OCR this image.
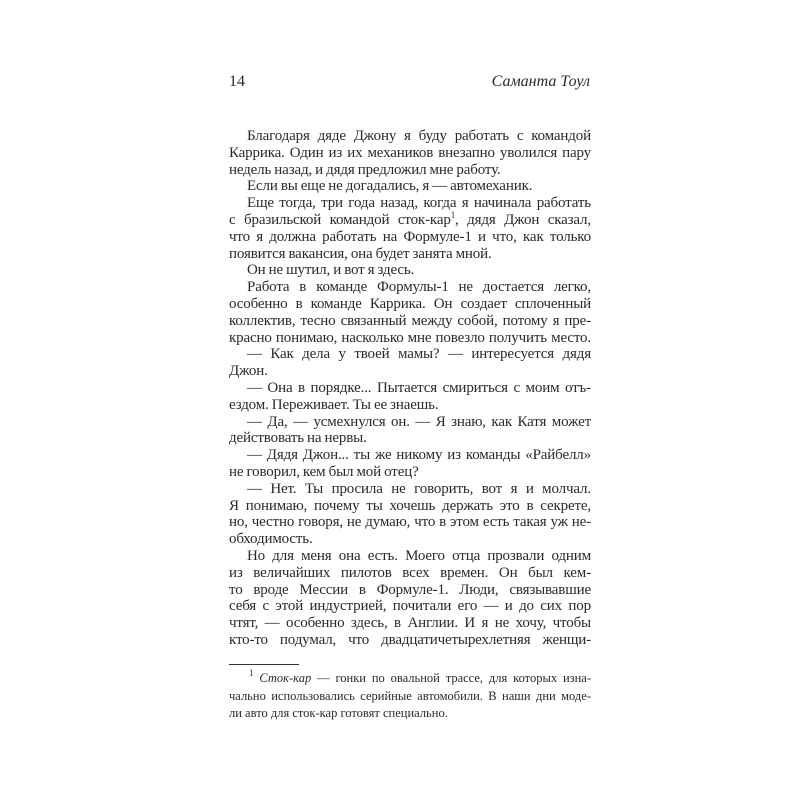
14	Саманта Тоул
Благодаря дяде Джону я буду работать с командой
Каррика. Один из их механиков внезапно уволился пару
недель назад, и дядя предложил мне работу.
Если вы еще не догадались, я — автомеханик.
Еще тогда, три года назад, когда я начинала работать
с бразильской командой сток-кар$^1$, дядя Джон сказал,
что я должна работать на Формуле-1 и что, как только
появится вакансия, она будет занята мной.
Он не шутил, и вот я здесь.
Работа в команде Формулы-1 не достается легко,
особенно в команде Каррика. Он создает сплоченный
коллектив, тесно связанный между собой, потому я пре-
красно понимаю, насколько мне повезло получить место.
— Как дела у твоей мамы? — интересуется дядя
Джон.
— Она в порядке... Пытается смириться с моим отъ-
ездом. Переживает. Ты ее знаешь.
— Да, — усмехнулся он. — Я знаю, как Катя может
действовать на нервы.
— Дядя Джон... ты же никому из команды «Райбелл»
не говорил, кем был мой отец?
— Нет. Ты просила не говорить, вот я и молчал.
Я понимаю, почему ты хочешь держать это в секрете,
но, честно говоря, не думаю, что в этом есть такая уж не-
обходимость.
Но для меня она есть. Моего отца прозвали одним
из величайших пилотов всех времен. Он был кем-
то вроде Мессии в Формуле-1. Люди, связывавшие
себя с этой индустрией, почитали его — и до сих пор
чтят, — особенно здесь, в Англии. И я не хочу, чтобы
кто-то подумал, что двадцатичетырехлетняя женщи-
$^1$ Сток-кар — гонки по овальной трассе, для которых изна-
чально использовались серийные автомобили. В наши дни моде-
ли авто для сток-кар готовят специально.
